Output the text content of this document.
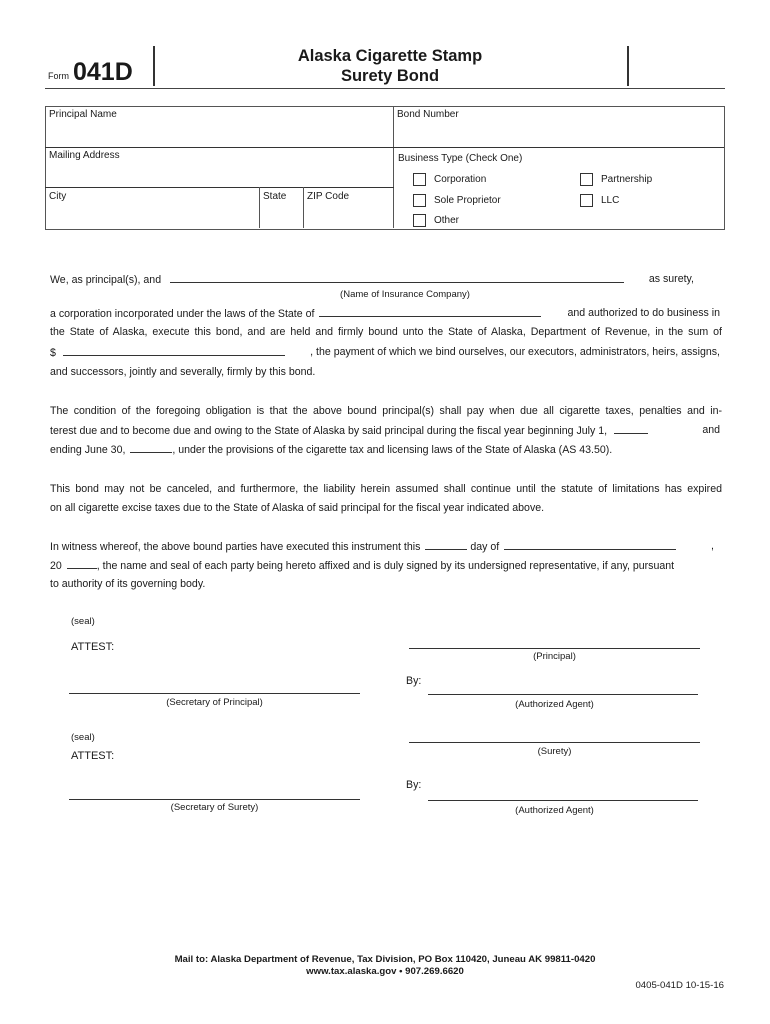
Form 041D
Alaska Cigarette Stamp
Surety Bond
Principal Name	Bond Number
Mailing Address	Business Type (Check One)
City	State ZIP Code
Corporation	Partnership
Sole Proprietor	LLC
Other
We, as principal(s), and	as surety,
(Name of Insurance Company)
a corporation incorporated under the laws of the State of	and authorized to do business in
the State of Alaska, execute this bond, and are held and firmly bound unto the State of Alaska, Department of Revenue, in the sum of
$	, the payment of which we bind ourselves, our executors, administrators, heirs, assigns,
and successors, jointly and severally, firmly by this bond.
The condition of the foregoing obligation is that the above bound principal(s) shall pay when due all cigarette taxes, penalties and in-
terest due and to become due and owing to the State of Alaska by said principal during the fiscal year beginning July 1,	and
ending June 30,	, under the provisions of the cigarette tax and licensing laws of the State of Alaska (AS 43.50).
This bond may not be canceled, and furthermore, the liability herein assumed shall continue until the statute of limitations has expired
on all cigarette excise taxes due to the State of Alaska of said principal for the fiscal year indicated above.
In witness whereof, the above bound parties have executed this instrument this	day of	,
20	, the name and seal of each party being hereto affixed and is duly signed by its undersigned representative, if any, pursuant
to authority of its governing body.
(seal)
ATTEST:
(Principal)
By:
(Secretary of Principal)	(Authorized Agent)
(seal)
(Surety)
ATTEST:
By:
(Secretary of Surety)	(Authorized Agent)
Mail to: Alaska Department of Revenue, Tax Division, PO Box 110420, Juneau AK 99811-0420
www.tax.alaska.gov • 907.269.6620
0405-041D 10-15-16
